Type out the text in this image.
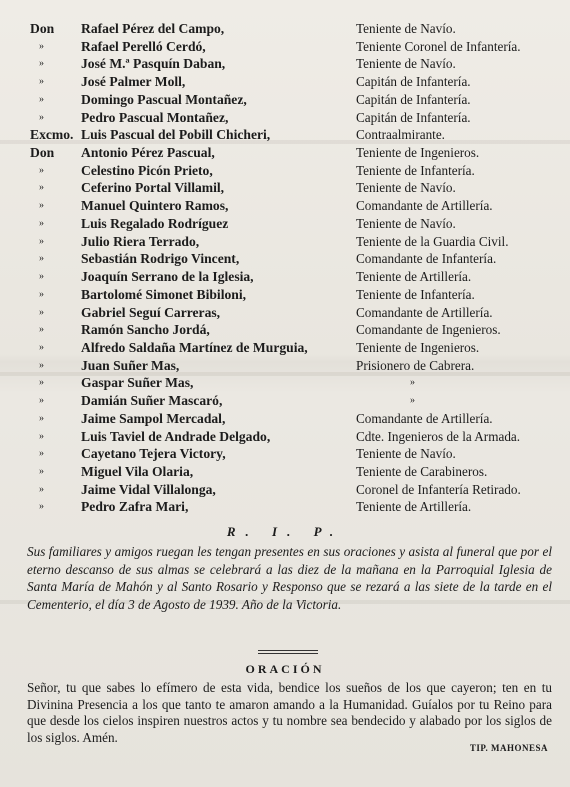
Don	Rafael Pérez del Campo,	Teniente de Navío.
»	Rafael Perelló Cerdó,	Teniente Coronel de Infantería.
»	José M.ª Pasquín Daban,	Teniente de Navío.
»	José Palmer Moll,	Capitán de Infantería.
»	Domingo Pascual Montañez,	Capitán de Infantería.
»	Pedro Pascual Montañez,	Capitán de Infantería.
Excmo. Luis Pascual del Pobill Chicheri,	Contraalmirante.
Don	Antonio Pérez Pascual,	Teniente de Ingenieros.
»	Celestino Picón Prieto,	Teniente de Infantería.
»	Ceferino Portal Villamil,	Teniente de Navío.
»	Manuel Quintero Ramos,	Comandante de Artillería.
»	Luis Regalado Rodríguez	Teniente de Navío.
»	Julio Riera Terrado,	Teniente de la Guardia Civil.
»	Sebastián Rodrigo Vincent,	Comandante de Infantería.
»	Joaquín Serrano de la Iglesia,	Teniente de Artillería.
»	Bartolomé Simonet Bibiloni,	Teniente de Infantería.
»	Gabriel Seguí Carreras,	Comandante de Artillería.
»	Ramón Sancho Jordá,	Comandante de Ingenieros.
»	Alfredo Saldaña Martínez de Murguia,	Teniente de Ingenieros.
»	Juan Suñer Mas,	Prisionero de Cabrera.
»	Gaspar Suñer Mas,	»
»	Damián Suñer Mascaró,	»
»	Jaime Sampol Mercadal,	Comandante de Artillería.
»	Luis Taviel de Andrade Delgado,	Cdte. Ingenieros de la Armada.
»	Cayetano Tejera Victory,	Teniente de Navío.
»	Miguel Vila Olaria,	Teniente de Carabineros.
»	Jaime Vidal Villalonga,	Coronel de Infantería Retirado.
»	Pedro Zafra Mari,	Teniente de Artillería.
R. I. P.
Sus familiares y amigos ruegan les tengan presentes en sus oraciones y asista al funeral que por el eterno descanso de sus almas se celebrará a las diez de la mañana en la Parroquial Iglesia de Santa María de Mahón y al Santo Rosario y Responso que se rezará a las siete de la tarde en el Cementerio, el día 3 de Agosto de 1939. Año de la Victoria.
ORACIÓN
Señor, tu que sabes lo efímero de esta vida, bendice los sueños de los que cayeron; ten en tu Divinina Presencia a los que tanto te amaron amando a la Humanidad. Guíalos por tu Reino para que desde los cielos inspiren nuestros actos y tu nombre sea bendecido y alabado por los siglos de los siglos. Amén.
TIP. MAHONESA
